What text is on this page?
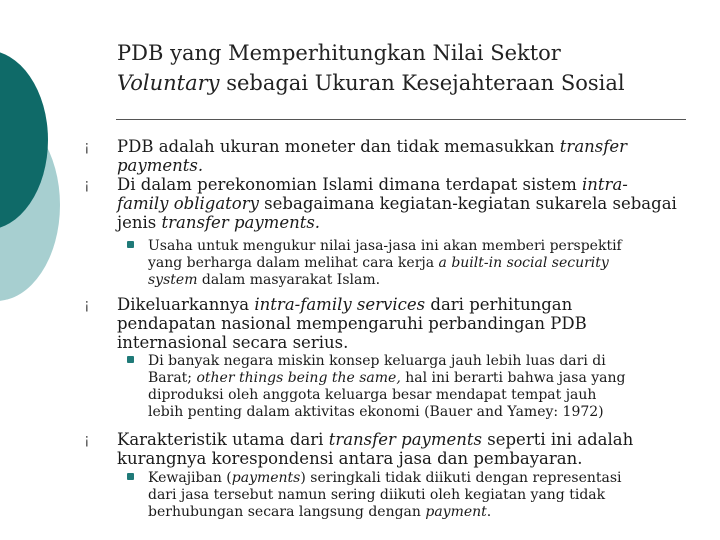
PDB yang Memperhitungkan Nilai Sektor
Voluntary sebagai Ukuran Kesejahteraan Sosial
¡ PDB adalah ukuran moneter dan tidak memasukkan transfer
payments.
¡ Di dalam perekonomian Islami dimana terdapat sistem intra-
family obligatory sebagaimana kegiatan-kegiatan sukarela sebagai
jenis transfer payments.
Usaha untuk mengukur nilai jasa-jasa ini akan memberi perspektif
yang berharga dalam melihat cara kerja a built-in social security
system dalam masyarakat Islam.
¡ Dikeluarkannya intra-family services dari perhitungan
pendapatan nasional mempengaruhi perbandingan PDB
internasional secara serius.
Di banyak negara miskin konsep keluarga jauh lebih luas dari di
Barat; other things being the same, hal ini berarti bahwa jasa yang
diproduksi oleh anggota keluarga besar mendapat tempat jauh
lebih penting dalam aktivitas ekonomi (Bauer and Yamey: 1972)
¡ Karakteristik utama dari transfer payments seperti ini adalah
kurangnya korespondensi antara jasa dan pembayaran.
Kewajiban (payments) seringkali tidak diikuti dengan representasi
dari jasa tersebut namun sering diikuti oleh kegiatan yang tidak
berhubungan secara langsung dengan payment.
